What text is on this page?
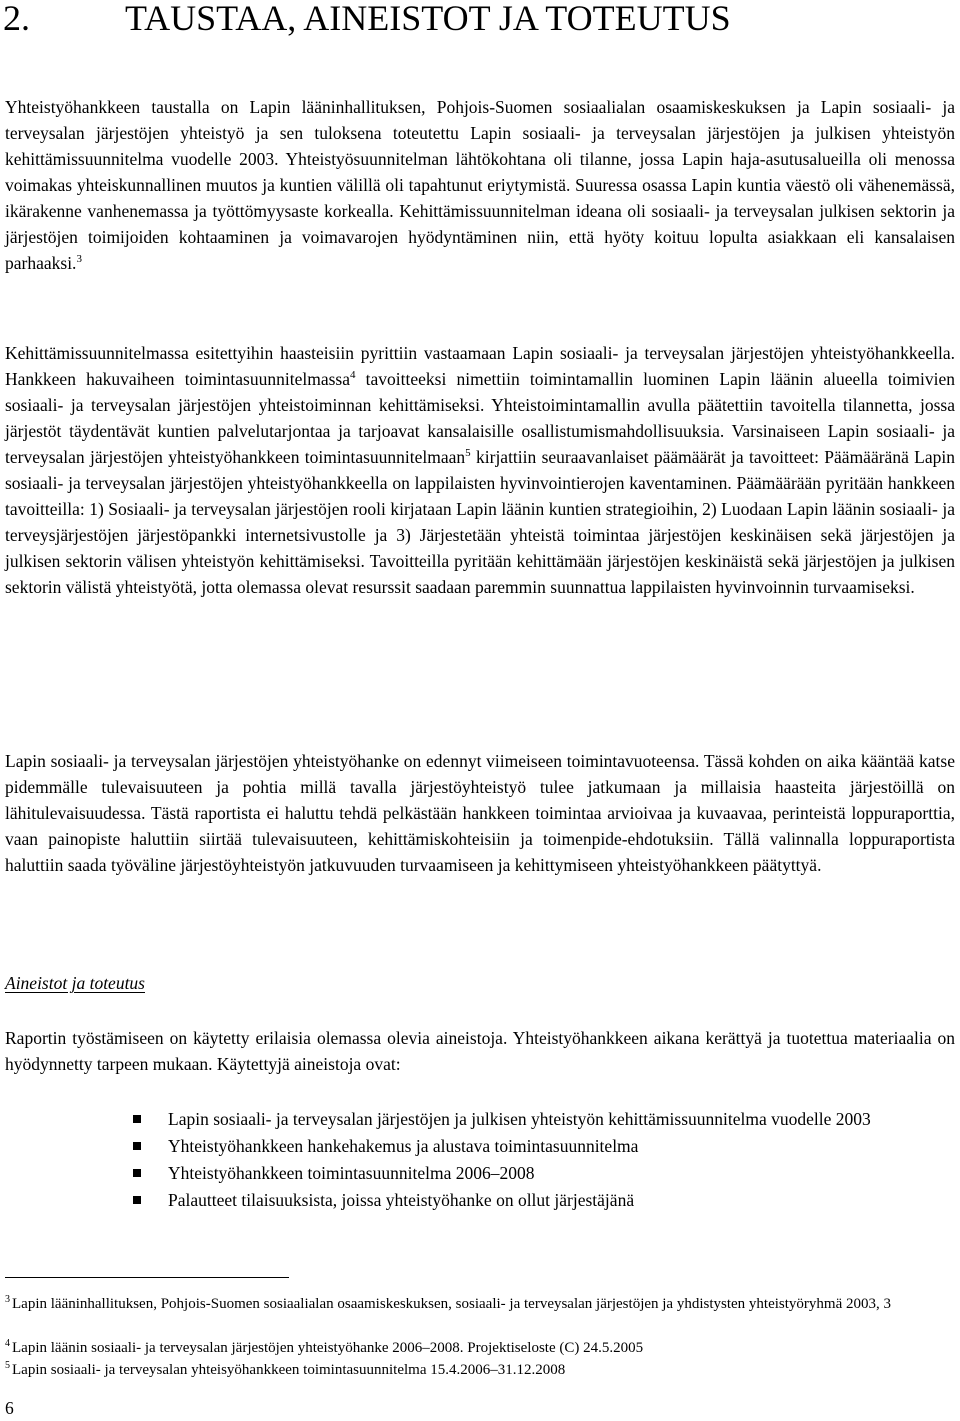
2.	TAUSTAA, AINEISTOT JA TOTEUTUS

Yhteistyöhankkeen taustalla on Lapin lääninhallituksen, Pohjois-Suomen sosiaalialan osaamiskeskuksen ja Lapin sosiaali- ja terveysalan järjestöjen yhteistyö ja sen tuloksena toteutettu Lapin sosiaali- ja terveysalan järjestöjen ja julkisen yhteistyön kehittämissuunnitelma vuodelle 2003. Yhteistyösuunnitelman lähtökohtana oli tilanne, jossa Lapin haja-asutusalueilla oli menossa voimakas yhteiskunnallinen muutos ja kuntien välillä oli tapahtunut eriytymistä. Suuressa osassa Lapin kuntia väestö oli vähenemässä, ikärakenne vanhenemassa ja työttömyysaste korkealla. Kehittämissuunnitelman ideana oli sosiaali- ja terveysalan julkisen sektorin ja järjestöjen toimijoiden kohtaaminen ja voimavarojen hyödyntäminen niin, että hyöty koituu lopulta asiakkaan eli kansalaisen parhaaksi.$^3$

Kehittämissuunnitelmassa esitettyihin haasteisiin pyrittiin vastaamaan Lapin sosiaali- ja terveysalan järjestöjen yhteistyöhankkeella. Hankkeen hakuvaiheen toimintasuunnitelmassa$^4$ tavoitteeksi nimettiin toimintamallin luominen Lapin läänin alueella toimivien sosiaali- ja terveysalan järjestöjen yhteistoiminnan kehittämiseksi. Yhteistoimintamallin avulla päätettiin tavoitella tilannetta, jossa järjestöt täydentävät kuntien palvelutarjontaa ja tarjoavat kansalaisille osallistumismahdollisuuksia. Varsinaiseen Lapin sosiaali- ja terveysalan järjestöjen yhteistyöhankkeen toimintasuunnitelmaan$^5$ kirjattiin seuraavanlaiset päämäärät ja tavoitteet: Päämääränä Lapin sosiaali- ja terveysalan järjestöjen yhteistyöhankkeella on lappilaisten hyvinvointierojen kaventaminen. Päämäärään pyritään hankkeen tavoitteilla: 1) Sosiaali- ja terveysalan järjestöjen rooli kirjataan Lapin läänin kuntien strategioihin, 2) Luodaan Lapin läänin sosiaali- ja terveysjärjestöjen järjestöpankki internetsivustolle ja 3) Järjestetään yhteistä toimintaa järjestöjen keskinäisen sekä järjestöjen ja julkisen sektorin välisen yhteistyön kehittämiseksi. Tavoitteilla pyritään kehittämään järjestöjen keskinäistä sekä järjestöjen ja julkisen sektorin välistä yhteistyötä, jotta olemassa olevat resurssit saadaan paremmin suunnattua lappilaisten hyvinvoinnin turvaamiseksi.

Lapin sosiaali- ja terveysalan järjestöjen yhteistyöhanke on edennyt viimeiseen toimintavuoteensa. Tässä kohden on aika kääntää katse pidemmälle tulevaisuuteen ja pohtia millä tavalla järjestöyhteistyö tulee jatkumaan ja millaisia haasteita järjestöillä on lähitulevaisuudessa. Tästä raportista ei haluttu tehdä pelkästään hankkeen toimintaa arvioivaa ja kuvaavaa, perinteistä loppuraporttia, vaan painopiste haluttiin siirtää tulevaisuuteen, kehittämiskohteisiin ja toimenpide-ehdotuksiin. Tällä valinnalla loppuraportista haluttiin saada työväline järjestöyhteistyön jatkuvuuden turvaamiseen ja kehittymiseen yhteistyöhankkeen päätyttyä.

Aineistot ja toteutus

Raportin työstämiseen on käytetty erilaisia olemassa olevia aineistoja. Yhteistyöhankkeen aikana kerättyä ja tuotettua materiaalia on hyödynnetty tarpeen mukaan. Käytettyjä aineistoja ovat:

Lapin sosiaali- ja terveysalan järjestöjen ja julkisen yhteistyön kehittämissuunnitelma vuodelle 2003
Yhteistyöhankkeen hankehakemus ja alustava toimintasuunnitelma
Yhteistyöhankkeen toimintasuunnitelma 2006–2008
Palautteet tilaisuuksista, joissa yhteistyöhanke on ollut järjestäjänä

$^3$ Lapin lääninhallituksen, Pohjois-Suomen sosiaalialan osaamiskeskuksen, sosiaali- ja terveysalan järjestöjen ja yhdistysten yhteistyöryhmä 2003, 3

$^4$ Lapin läänin sosiaali- ja terveysalan järjestöjen yhteistyöhanke 2006–2008. Projektiseloste (C) 24.5.2005

$^5$ Lapin sosiaali- ja terveysalan yhteisyöhankkeen toimintasuunnitelma 15.4.2006–31.12.2008

6
